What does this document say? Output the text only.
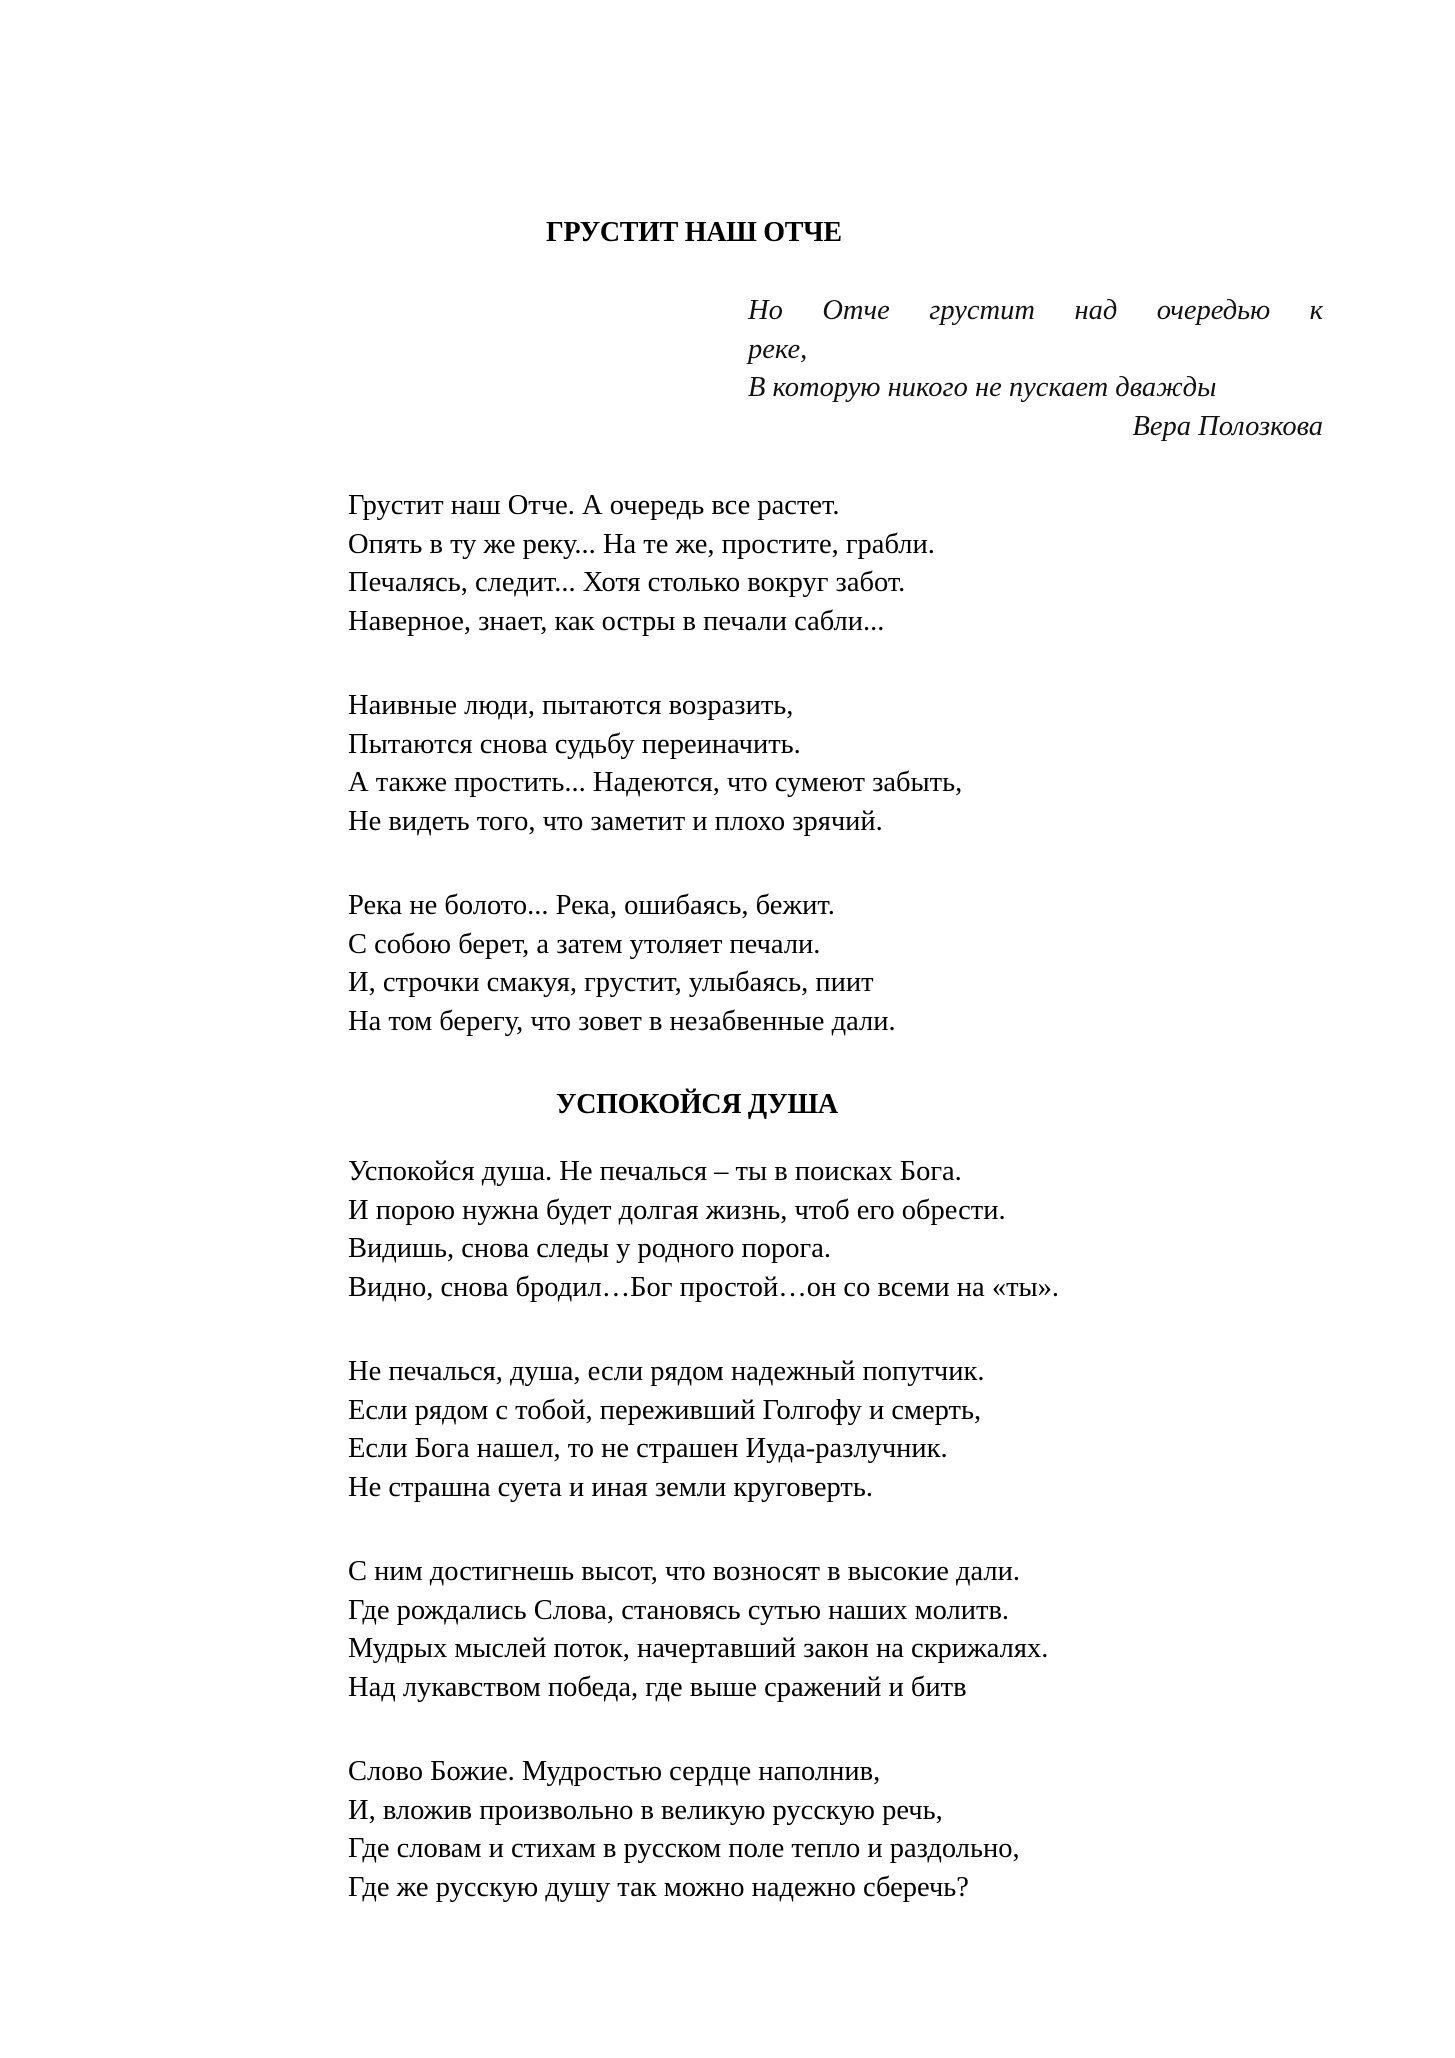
ГРУСТИТ НАШ ОТЧЕ
Но Отче грустит над очередью к
реке,
В которую никого не пускает дважды
Вера Полозкова
Грустит наш Отче. А очередь все растет.
Опять в ту же реку... На те же, простите, грабли.
Печалясь, следит... Хотя столько вокруг забот.
Наверное, знает, как остры в печали сабли...
Наивные люди, пытаются возразить,
Пытаются снова судьбу переиначить.
А также простить... Надеются, что сумеют забыть,
Не видеть того, что заметит и плохо зрячий.
Река не болото... Река, ошибаясь, бежит.
С собою берет, а затем утоляет печали.
И, строчки смакуя, грустит, улыбаясь, пиит
На том берегу, что зовет в незабвенные дали.
УСПОКОЙСЯ ДУША
Успокойся душа. Не печалься – ты в поисках Бога.
И порою нужна будет долгая жизнь, чтоб его обрести.
Видишь, снова следы у родного порога.
Видно, снова бродил…Бог простой…он со всеми на «ты».
Не печалься, душа, если рядом надежный попутчик.
Если рядом с тобой, переживший Голгофу и смерть,
Если Бога нашел, то не страшен Иуда-разлучник.
Не страшна суета и иная земли круговерть.
С ним достигнешь высот, что возносят в высокие дали.
Где рождались Слова, становясь сутью наших молитв.
Мудрых мыслей поток, начертавший закон на скрижалях.
Над лукавством победа, где выше сражений и битв
Слово Божие. Мудростью сердце наполнив,
И, вложив произвольно в великую русскую речь,
Где словам и стихам в русском поле тепло и раздольно,
Где же русскую душу так можно надежно сберечь?
